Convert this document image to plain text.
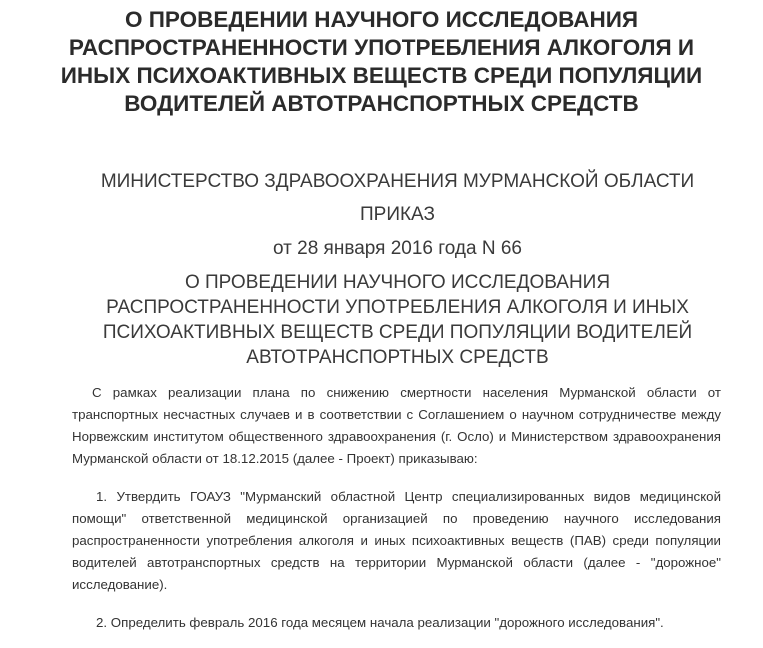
О ПРОВЕДЕНИИ НАУЧНОГО ИССЛЕДОВАНИЯ
РАСПРОСТРАНЕННОСТИ УПОТРЕБЛЕНИЯ АЛКОГОЛЯ И
ИНЫХ ПСИХОАКТИВНЫХ ВЕЩЕСТВ СРЕДИ ПОПУЛЯЦИИ
ВОДИТЕЛЕЙ АВТОТРАНСПОРТНЫХ СРЕДСТВ
МИНИСТЕРСТВО ЗДРАВООХРАНЕНИЯ МУРМАНСКОЙ ОБЛАСТИ
ПРИКАЗ
от 28 января 2016 года N 66
О ПРОВЕДЕНИИ НАУЧНОГО ИССЛЕДОВАНИЯ
РАСПРОСТРАНЕННОСТИ УПОТРЕБЛЕНИЯ АЛКОГОЛЯ И ИНЫХ
ПСИХОАКТИВНЫХ ВЕЩЕСТВ СРЕДИ ПОПУЛЯЦИИ ВОДИТЕЛЕЙ
АВТОТРАНСПОРТНЫХ СРЕДСТВ

С рамках реализации плана по снижению смертности населения Мурманской области от транспортных несчастных случаев и в соответствии с Соглашением о научном сотрудничестве между Норвежским институтом общественного здравоохранения (г. Осло) и Министерством здравоохранения Мурманской области от 18.12.2015 (далее - Проект) приказываю:

1. Утвердить ГОАУЗ "Мурманский областной Центр специализированных видов медицинской помощи" ответственной медицинской организацией по проведению научного исследования распространенности употребления алкоголя и иных психоактивных веществ (ПАВ) среди популяции водителей автотранспортных средств на территории Мурманской области (далее - "дорожное" исследование).

2. Определить февраль 2016 года месяцем начала реализации "дорожного исследования".
